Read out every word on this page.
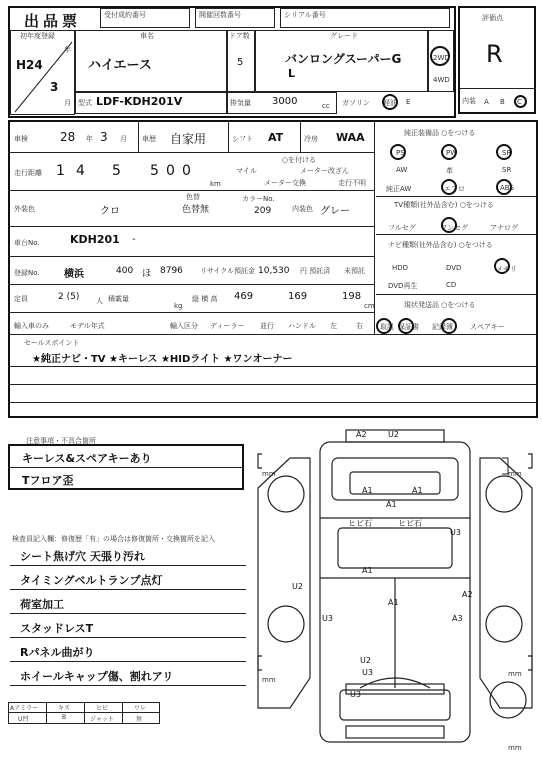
出品票	受付成約番号	開催回数番号	シリアル番号
初年度登録
H24
年
3
月
車名
ハイエース
ドア数
5
グレード
バンロングスーパーG
L
2WD
4WD
型式 LDF-KDH201V	排気量 3000	cc ガソリン 軽油 E
評価点
R
内装 A B C
車検	28 年 3 月 車歴 自家用	シフト AT	冷房 WAA
走行距離 1 4 5 5 0 0
km
○を付ける
マイル	メーター改ざん
メーター交換	走行不明
外装色	クロ
色替
色替無
カラーNo.
209	内装色 グレー
車台No.	KDH201 -
登録No. 横浜	400 ほ 8796 リサイクル預託金 10,530 円 預託済 未預託
定員	2 (5) 人 積載量
kg
縦 横 高 469	169	198
cm
輸入車のみ	モデル年式	輸入区分 ディーラー 並行 ハンドル 左	右
純正装備品 ○をつける
PS	PW	SR
AW	革	SR
純正AW	エアロ	ABS
TV種類(社外品含む) ○をつける
フルセグ	ワンセグ	アナログ
ナビ種類(社外品含む) ○をつける
HDD	DVD	メモリ
DVD再生	CD
現状発送品 ○をつける
取説 保証書 記録簿 スペアキー
セールスポイント
★純正ナビ・TV ★キーレス ★HIDライト ★ワンオーナー
注意事項・不具合箇所
キーレス&スペアキーあり
Tフロア歪
検査員記入欄：修復歴「有」の場合は修復箇所・交換箇所を記入
シート焦げ穴 天張り汚れ
タイミングベルトランプ点灯
荷室加工
スタッドレスT
Rパネル曲がり
ホイールキャップ傷、割れアリ
Aアミラー	キズ	ヒビ	ワレ
U凹	B	ジャット	無
A2	U2
A1	A1
A1
ヒビ石	ヒビ石
U3
A1
A1
U2
A2
U3	A3
U2
U3
U3
mm	mm
mm
mm
mm
